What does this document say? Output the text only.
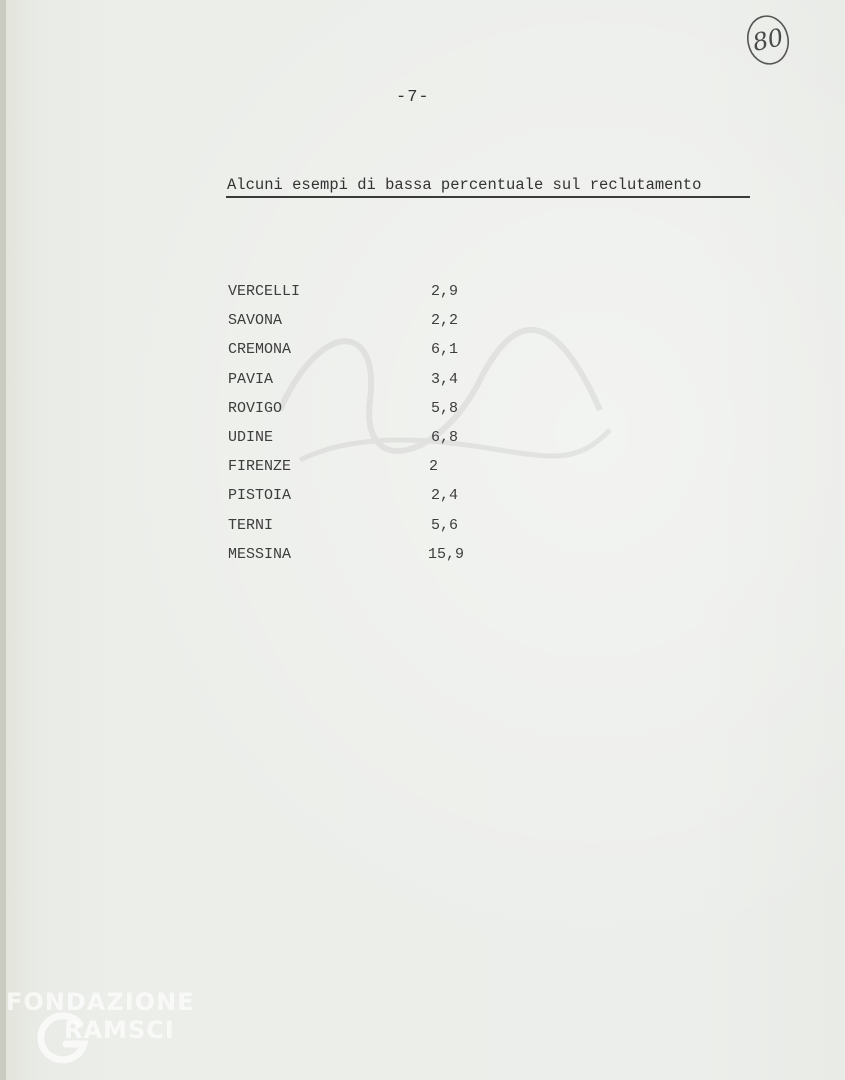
80
-7-
Alcuni esempi di bassa percentuale sul reclutamento
VERCELLI	2,9
SAVONA	2,2
CREMONA	6,1
PAVIA	3,4
ROVIGO	5,8
UDINE	6,8
FIRENZE	2
PISTOIA	2,4
TERNI	5,6
MESSINA	15,9
FONDAZIONE
RAMSCI
